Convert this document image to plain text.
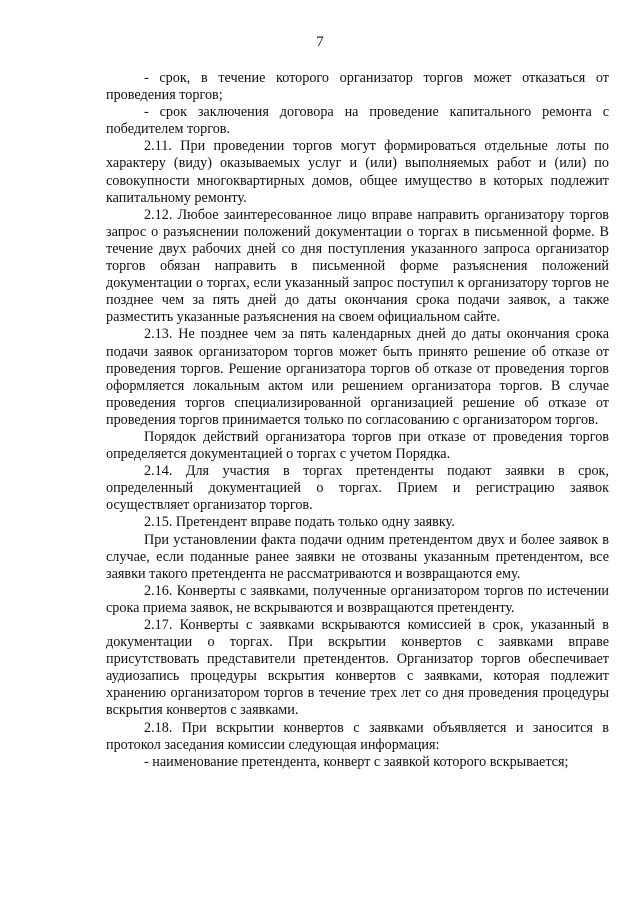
7

- срок, в течение которого организатор торгов может отказаться от проведения торгов;

- срок заключения договора на проведение капитального ремонта с победителем торгов.

2.11. При проведении торгов могут формироваться отдельные лоты по характеру (виду) оказываемых услуг и (или) выполняемых работ и (или) по совокупности многоквартирных домов, общее имущество в которых подлежит капитальному ремонту.

2.12. Любое заинтересованное лицо вправе направить организатору торгов запрос о разъяснении положений документации о торгах в письменной форме. В течение двух рабочих дней со дня поступления указанного запроса организатор торгов обязан направить в письменной форме разъяснения положений документации о торгах, если указанный запрос поступил к организатору торгов не позднее чем за пять дней до даты окончания срока подачи заявок, а также разместить указанные разъяснения на своем официальном сайте.

2.13. Не позднее чем за пять календарных дней до даты окончания срока подачи заявок организатором торгов может быть принято решение об отказе от проведения торгов. Решение организатора торгов об отказе от проведения торгов оформляется локальным актом или решением организатора торгов. В случае проведения торгов специализированной организацией решение об отказе от проведения торгов принимается только по согласованию с организатором торгов.

Порядок действий организатора торгов при отказе от проведения торгов определяется документацией о торгах с учетом Порядка.

2.14. Для участия в торгах претенденты подают заявки в срок, определенный документацией о торгах. Прием и регистрацию заявок осуществляет организатор торгов.

2.15. Претендент вправе подать только одну заявку.

При установлении факта подачи одним претендентом двух и более заявок в случае, если поданные ранее заявки не отозваны указанным претендентом, все заявки такого претендента не рассматриваются и возвращаются ему.

2.16. Конверты с заявками, полученные организатором торгов по истечении срока приема заявок, не вскрываются и возвращаются претенденту.

2.17. Конверты с заявками вскрываются комиссией в срок, указанный в документации о торгах. При вскрытии конвертов с заявками вправе присутствовать представители претендентов. Организатор торгов обеспечивает аудиозапись процедуры вскрытия конвертов с заявками, которая подлежит хранению организатором торгов в течение трех лет со дня проведения процедуры вскрытия конвертов с заявками.

2.18. При вскрытии конвертов с заявками объявляется и заносится в протокол заседания комиссии следующая информация:

- наименование претендента, конверт с заявкой которого вскрывается;
